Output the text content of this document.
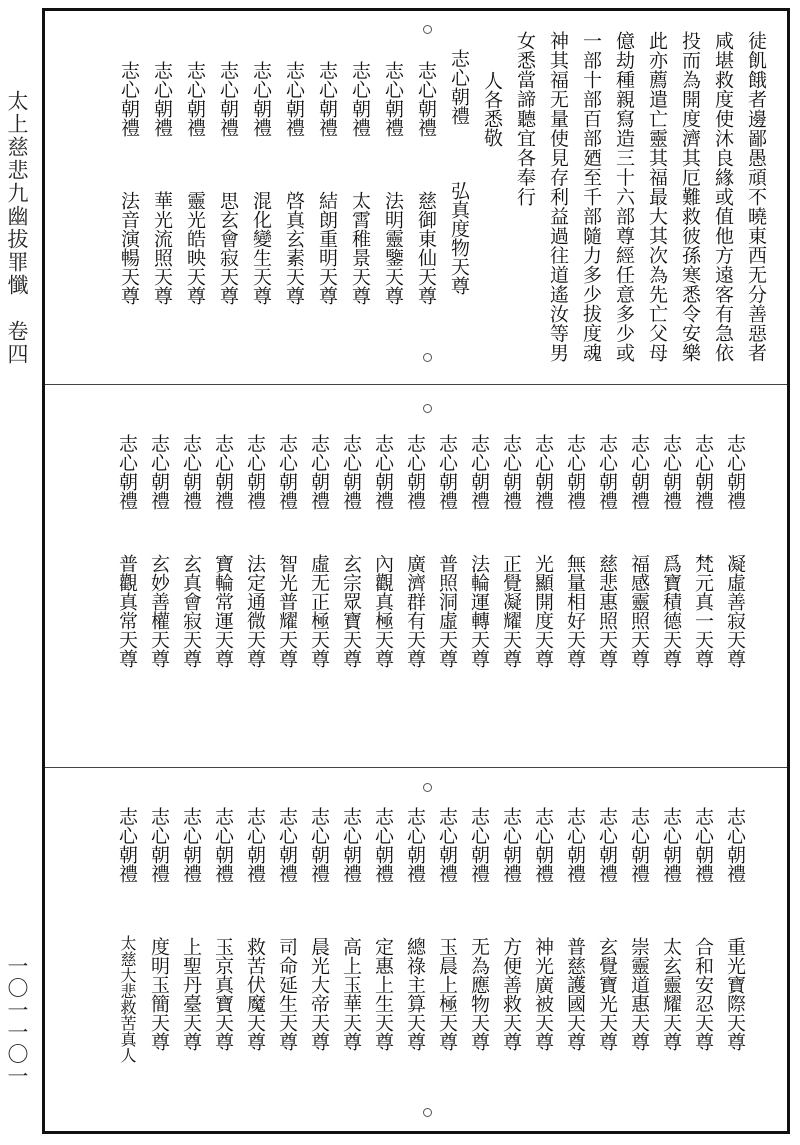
太上慈悲九幽拔罪懺　卷四
一〇一一〇一
徒飢餓者邊鄙愚頑不曉東西无分善惡者
咸堪救度使沐良緣或值他方遠客有急依
投而為開度濟其厄難救彼孫寒悉令安樂
此亦薦遣亡靈其福最大其次為先亡父母
億劫種親寫造三十六部尊經任意多少或
一部十部百部廼至千部隨力多少拔度魂
神其福无量使見存利益過往道遙汝等男
女悉當諦聽宜各奉行
人各悉敬
志心朝禮
弘真度物天尊
志心朝禮
慈御東仙天尊
志心朝禮
法明靈鑒天尊
志心朝禮
太霄稚景天尊
志心朝禮
結朗重明天尊
志心朝禮
啓真玄素天尊
志心朝禮
混化變生天尊
志心朝禮
思玄會寂天尊
志心朝禮
靈光皓映天尊
志心朝禮
華光流照天尊
志心朝禮
法音演暢天尊
志心朝禮
凝虛善寂天尊
志心朝禮
梵元真一天尊
志心朝禮
爲寶積德天尊
志心朝禮
福感靈照天尊
志心朝禮
慈悲惠照天尊
志心朝禮
無量相好天尊
志心朝禮
光顯開度天尊
志心朝禮
正覺凝耀天尊
志心朝禮
法輪運轉天尊
志心朝禮
普照洞虛天尊
志心朝禮
廣濟群有天尊
志心朝禮
內觀真極天尊
志心朝禮
玄宗眾寶天尊
志心朝禮
虛无正極天尊
志心朝禮
智光普耀天尊
志心朝禮
法定通微天尊
志心朝禮
寶輪常運天尊
志心朝禮
玄真會寂天尊
志心朝禮
玄妙善權天尊
志心朝禮
普觀真常天尊
志心朝禮
重光寶際天尊
志心朝禮
合和安忍天尊
志心朝禮
太玄靈耀天尊
志心朝禮
崇靈道惠天尊
志心朝禮
玄覺寶光天尊
志心朝禮
普慈護國天尊
志心朝禮
神光廣被天尊
志心朝禮
方便善救天尊
志心朝禮
无為應物天尊
志心朝禮
玉晨上極天尊
志心朝禮
總祿主算天尊
志心朝禮
定惠上生天尊
志心朝禮
高上玉華天尊
志心朝禮
晨光大帝天尊
志心朝禮
司命延生天尊
志心朝禮
救苦伏魔天尊
志心朝禮
玉京真寶天尊
志心朝禮
上聖丹臺天尊
志心朝禮
度明玉簡天尊
志心朝禮
太慈大悲救苦真人
